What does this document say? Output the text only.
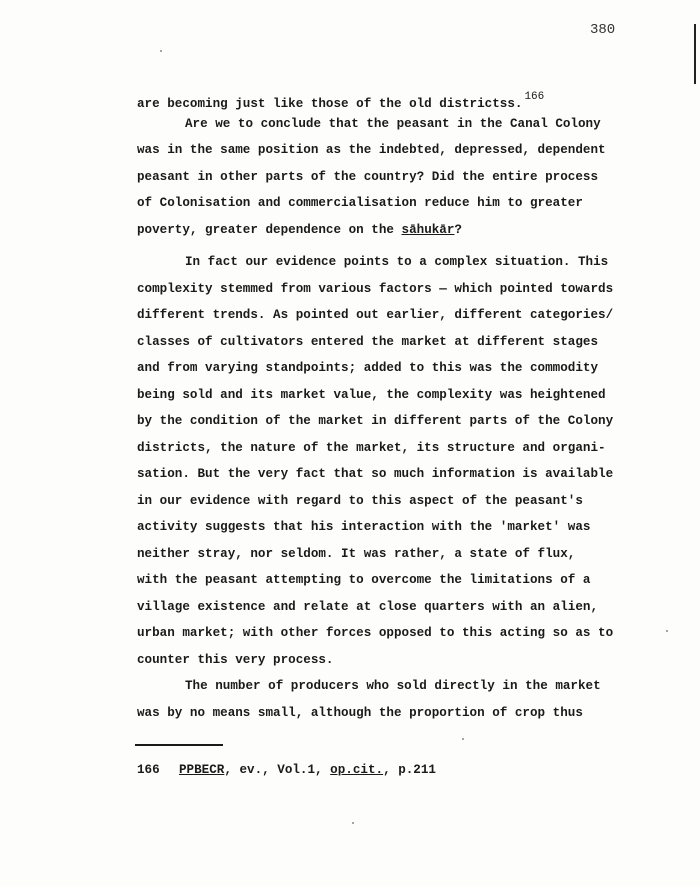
380
are becoming just like those of the old districtss. $^{166}$
Are we to conclude that the peasant in the Canal Colony
was in the same position as the indebted, depressed, dependent
peasant in other parts of the country? Did the entire process
of Colonisation and commercialisation reduce him to greater
poverty, greater dependence on the sāhukār?
In fact our evidence points to a complex situation. This
complexity stemmed from various factors — which pointed towards
different trends. As pointed out earlier, different categories/
classes of cultivators entered the market at different stages
and from varying standpoints; added to this was the commodity
being sold and its market value, the complexity was heightened
by the condition of the market in different parts of the Colony
districts, the nature of the market, its structure and organi-
sation. But the very fact that so much information is available
in our evidence with regard to this aspect of the peasant's
activity suggests that his interaction with the 'market' was
neither stray, nor seldom. It was rather, a state of flux,
with the peasant attempting to overcome the limitations of a
village existence and relate at close quarters with an alien,
urban market; with other forces opposed to this acting so as to
counter this very process.
The number of producers who sold directly in the market
was by no means small, although the proportion of crop thus
166 PPBECR, ev., Vol.1, op.cit., p.211
